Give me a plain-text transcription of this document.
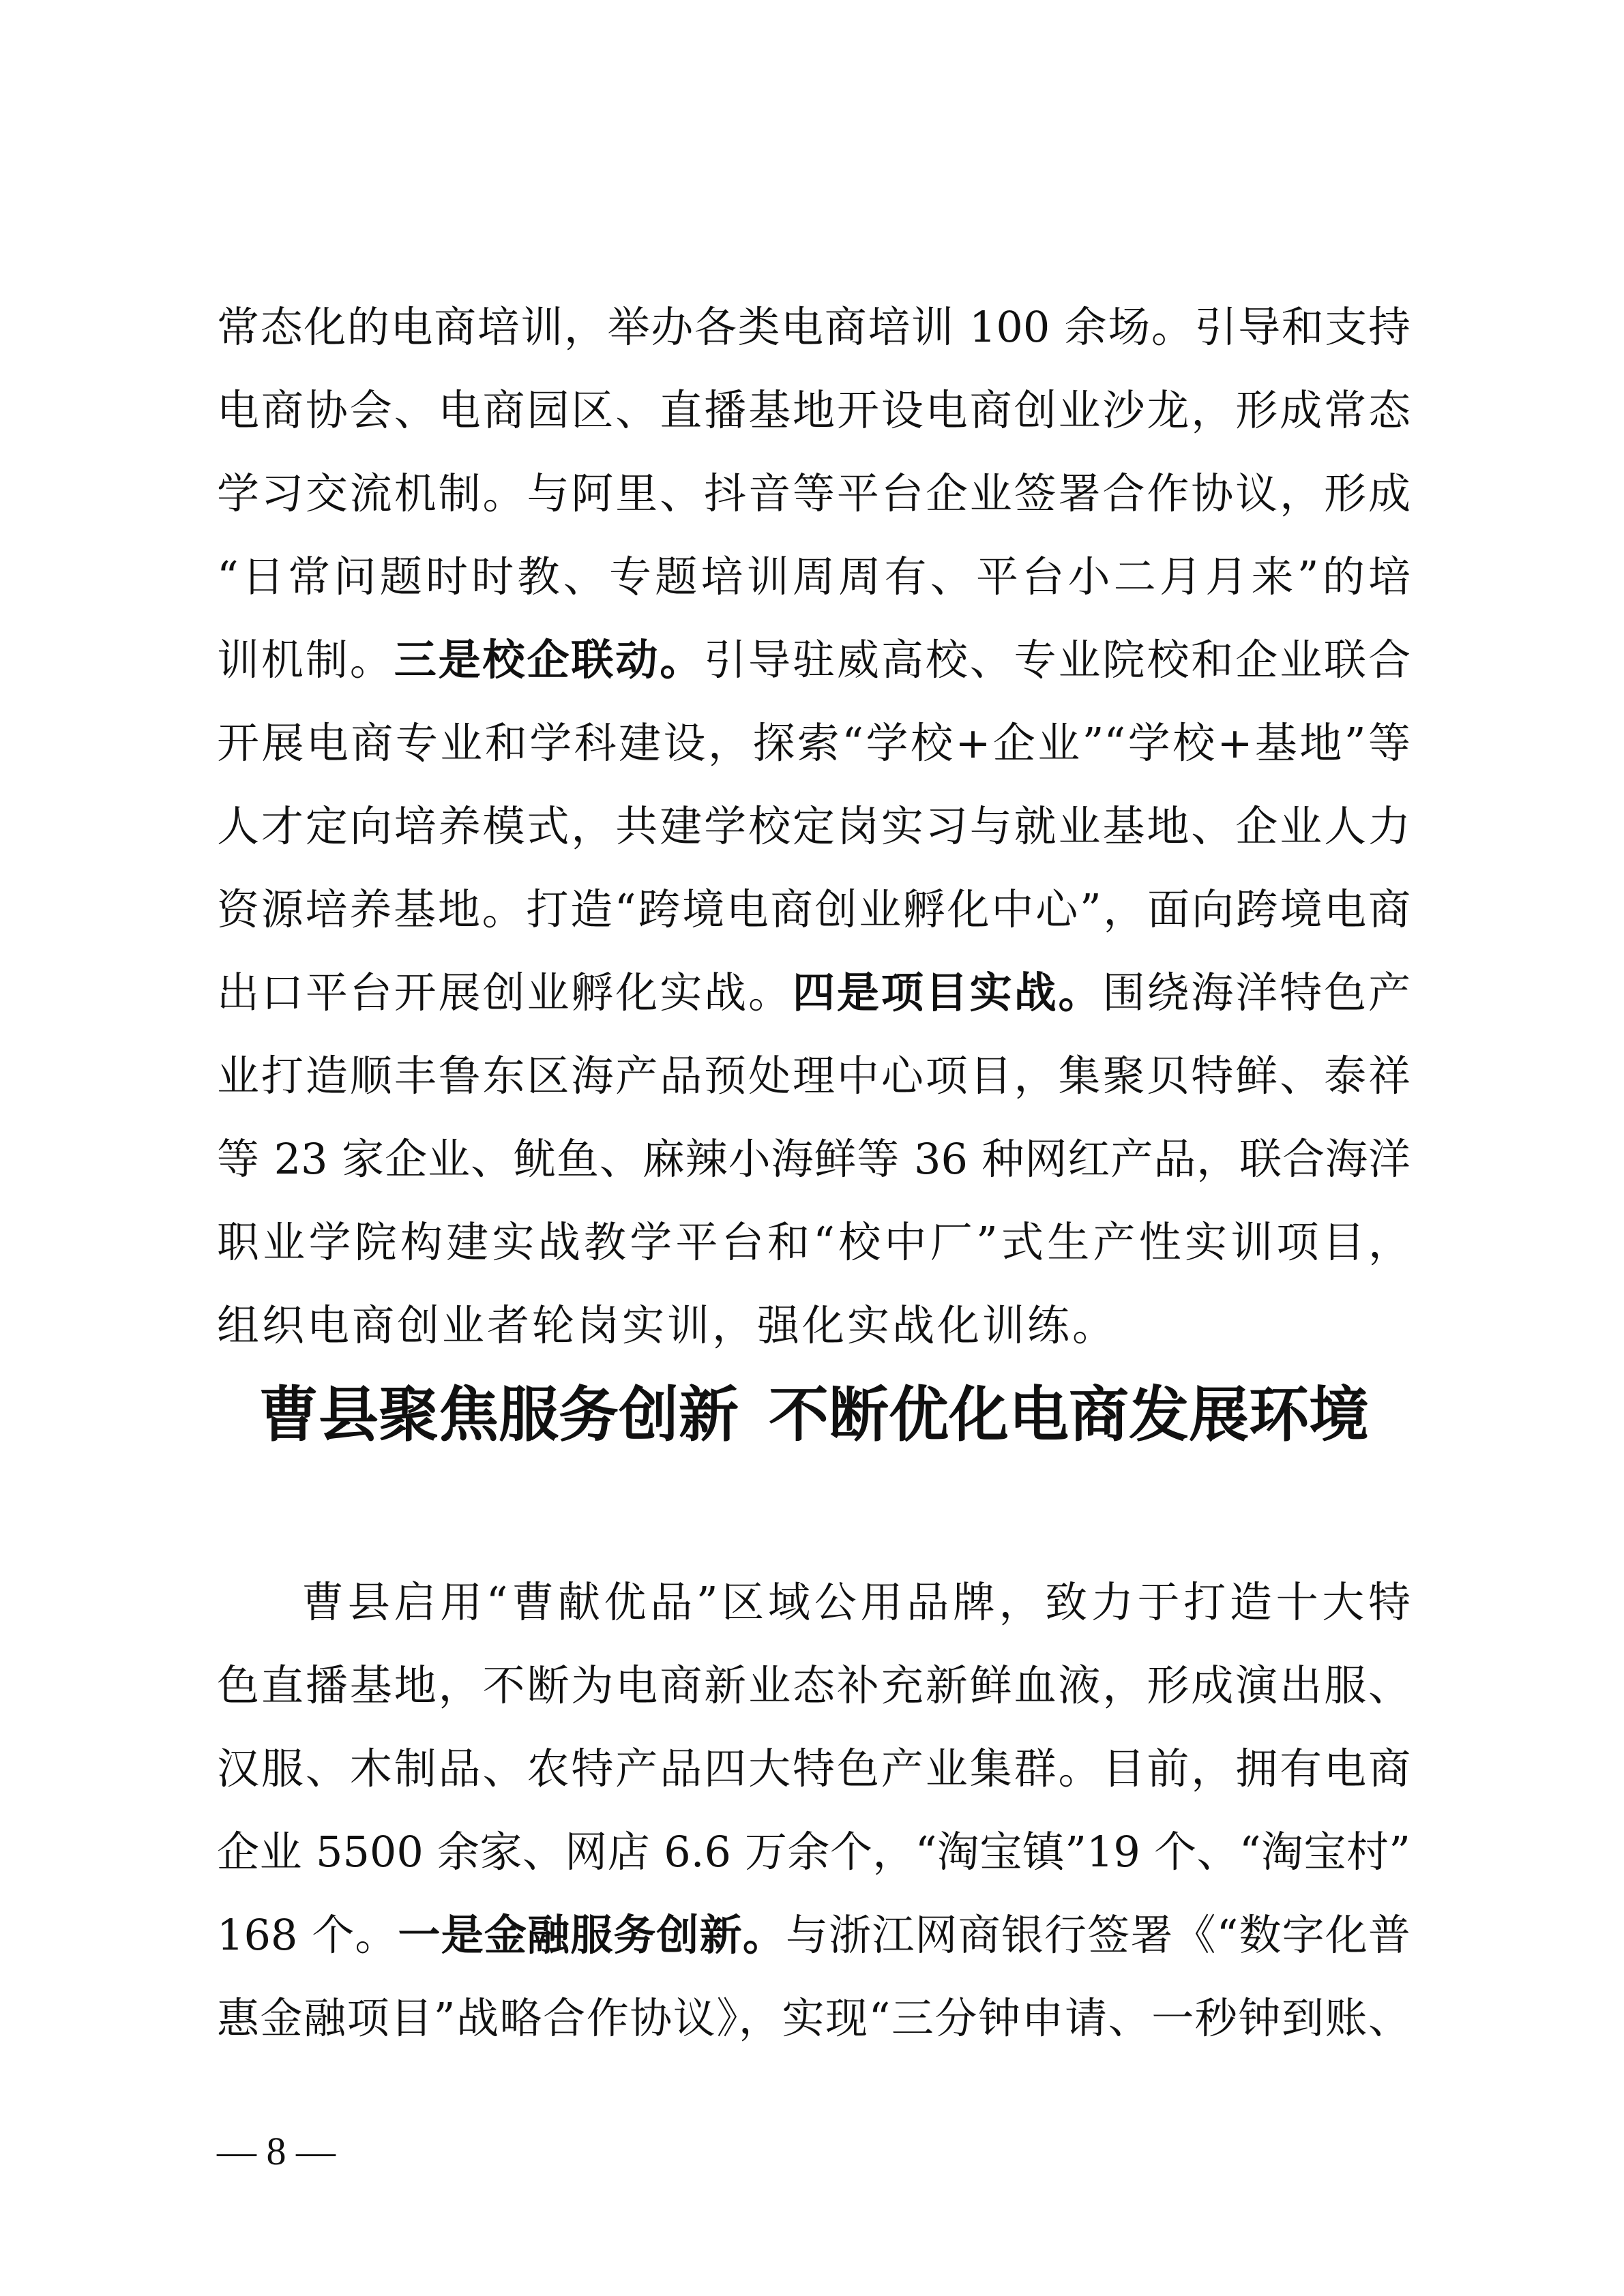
常态化的电商培训，举办各类电商培训 100 余场。引导和支持
电商协会、电商园区、直播基地开设电商创业沙龙，形成常态
学习交流机制。与阿里、抖音等平台企业签署合作协议，形成
“日常问题时时教、专题培训周周有、平台小二月月来”的培
训机制。三是校企联动。引导驻威高校、专业院校和企业联合
开展电商专业和学科建设，探索“学校+企业”“学校+基地”等
人才定向培养模式，共建学校定岗实习与就业基地、企业人力
资源培养基地。打造“跨境电商创业孵化中心”，面向跨境电商
出口平台开展创业孵化实战。四是项目实战。围绕海洋特色产
业打造顺丰鲁东区海产品预处理中心项目，集聚贝特鲜、泰祥
等 23 家企业、鱿鱼、麻辣小海鲜等 36 种网红产品，联合海洋
职业学院构建实战教学平台和“校中厂”式生产性实训项目，
组织电商创业者轮岗实训，强化实战化训练。
曹县聚焦服务创新 不断优化电商发展环境
曹县启用“曹献优品”区域公用品牌，致力于打造十大特
色直播基地，不断为电商新业态补充新鲜血液，形成演出服、
汉服、木制品、农特产品四大特色产业集群。目前，拥有电商
企业 5500 余家、网店 6.6 万余个，“淘宝镇”19 个、“淘宝村”
168 个。一是金融服务创新。与浙江网商银行签署《“数字化普
惠金融项目”战略合作协议》，实现“三分钟申请、一秒钟到账、
— 8 —
